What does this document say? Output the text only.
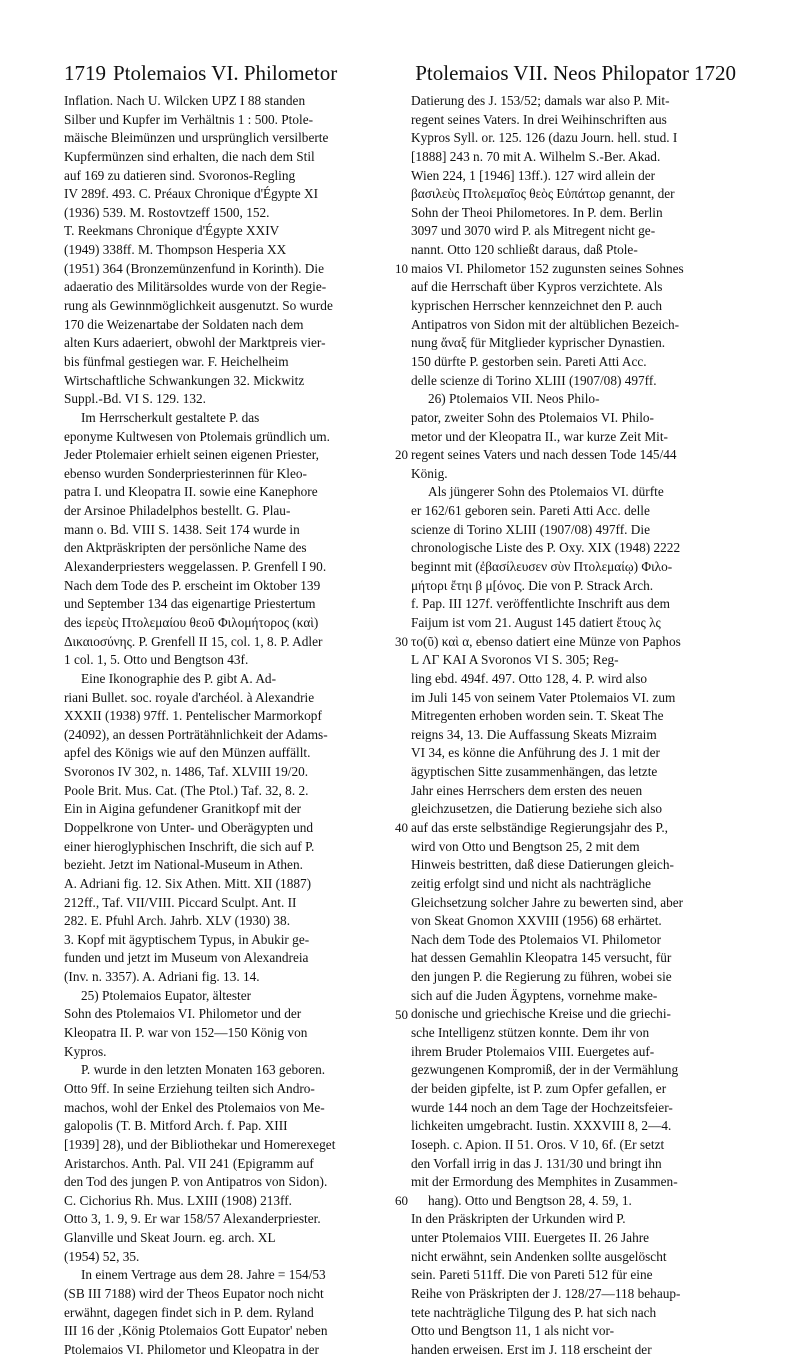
1719 Ptolemaios VI. Philometor	Ptolemaios VII. Neos Philopator 1720
Inflation. Nach U. Wilcken UPZ I 88 standen
Silber und Kupfer im Verhältnis 1 : 500. Ptole-
mäische Bleimünzen und ursprünglich versilberte
Kupfermünzen sind erhalten, die nach dem Stil
auf 169 zu datieren sind. Svoronos-Regling
IV 289f. 493. C. Préaux Chronique d'Égypte XI
(1936) 539. M. Rostovtzeff 1500, 152.
T. Reekmans Chronique d'Égypte XXIV
(1949) 338ff. M. Thompson Hesperia XX
(1951) 364 (Bronzemünzenfund in Korinth). Die
adaeratio des Militärsoldes wurde von der Regie-
rung als Gewinnmöglichkeit ausgenutzt. So wurde
170 die Weizenartabe der Soldaten nach dem
alten Kurs adaeriert, obwohl der Marktpreis vier-
bis fünfmal gestiegen war. F. Heichelheim
Wirtschaftliche Schwankungen 32. Mickwitz
Suppl.-Bd. VI S. 129. 132.
Im Herrscherkult gestaltete P. das
eponyme Kultwesen von Ptolemais gründlich um.
Jeder Ptolemaier erhielt seinen eigenen Priester,
ebenso wurden Sonderpriesterinnen für Kleo-
patra I. und Kleopatra II. sowie eine Kanephore
der Arsinoe Philadelphos bestellt. G. Plau-
mann o. Bd. VIII S. 1438. Seit 174 wurde in
den Aktpräskripten der persönliche Name des
Alexanderpriesters weggelassen. P. Grenfell I 90.
Nach dem Tode des P. erscheint im Oktober 139
und September 134 das eigenartige Priestertum
des ἱερεὺς Πτολεμαίου θεοῦ Φιλομήτορος (καὶ)
Δικαιοσύνης. P. Grenfell II 15, col. 1, 8. P. Adler
1 col. 1, 5. Otto und Bengtson 43f.
Eine Ikonographie des P. gibt A. Ad-
riani Bullet. soc. royale d'archéol. à Alexandrie
XXXII (1938) 97ff. 1. Pentelischer Marmorkopf
(24092), an dessen Porträtähnlichkeit der Adams-
apfel des Königs wie auf den Münzen auffällt.
Svoronos IV 302, n. 1486, Taf. XLVIII 19/20.
Poole Brit. Mus. Cat. (The Ptol.) Taf. 32, 8. 2.
Ein in Aigina gefundener Granitkopf mit der
Doppelkrone von Unter- und Oberägypten und
einer hieroglyphischen Inschrift, die sich auf P.
bezieht. Jetzt im National-Museum in Athen.
A. Adriani fig. 12. Six Athen. Mitt. XII (1887)
212ff., Taf. VII/VIII. Piccard Sculpt. Ant. II
282. E. Pfuhl Arch. Jahrb. XLV (1930) 38.
3. Kopf mit ägyptischem Typus, in Abukir ge-
funden und jetzt im Museum von Alexandreia
(Inv. n. 3357). A. Adriani fig. 13. 14.
25) Ptolemaios Eupator, ältester
Sohn des Ptolemaios VI. Philometor und der
Kleopatra II. P. war von 152—150 König von
Kypros.
P. wurde in den letzten Monaten 163 geboren.
Otto 9ff. In seine Erziehung teilten sich Andro-
machos, wohl der Enkel des Ptolemaios von Me-
galopolis (T. B. Mitford Arch. f. Pap. XIII
[1939] 28), und der Bibliothekar und Homerexeget
Aristarchos. Anth. Pal. VII 241 (Epigramm auf
den Tod des jungen P. von Antipatros von Sidon).
C. Cichorius Rh. Mus. LXIII (1908) 213ff.
Otto 3, 1. 9, 9. Er war 158/57 Alexanderpriester.
Glanville und Skeat Journ. eg. arch. XL
(1954) 52, 35.
In einem Vertrage aus dem 28. Jahre = 154/53
(SB III 7188) wird der Theos Eupator noch nicht
erwähnt, dagegen findet sich in P. dem. Ryland
III 16 der ‚König Ptolemaios Gott Eupator' neben
Ptolemaios VI. Philometor und Kleopatra in der
Datierung des J. 153/52; damals war also P. Mit-
regent seines Vaters. In drei Weihinschriften aus
Kypros Syll. or. 125. 126 (dazu Journ. hell. stud. I
[1888] 243 n. 70 mit A. Wilhelm S.-Ber. Akad.
Wien 224, 1 [1946] 13ff.). 127 wird allein der
βασιλεὺς Πτολεμαῖος θεὸς Εὐπάτωρ genannt, der
Sohn der Theoi Philometores. In P. dem. Berlin
3097 und 3070 wird P. als Mitregent nicht ge-
nannt. Otto 120 schließt daraus, daß Ptole-
maios VI. Philometor 152 zugunsten seines Sohnes
auf die Herrschaft über Kypros verzichtete. Als
kyprischen Herrscher kennzeichnet den P. auch
Antipatros von Sidon mit der altüblichen Bezeich-
nung ἄναξ für Mitglieder kyprischer Dynastien.
150 dürfte P. gestorben sein. Pareti Atti Acc.
delle scienze di Torino XLIII (1907/08) 497ff.
26) Ptolemaios VII. Neos Philo-
pator, zweiter Sohn des Ptolemaios VI. Philo-
metor und der Kleopatra II., war kurze Zeit Mit-
regent seines Vaters und nach dessen Tode 145/44
König.
Als jüngerer Sohn des Ptolemaios VI. dürfte
er 162/61 geboren sein. Pareti Atti Acc. delle
scienze di Torino XLIII (1907/08) 497ff. Die
chronologische Liste des P. Oxy. XIX (1948) 2222
beginnt mit (ἐβασίλευσεν σὺν Πτολεμαίῳ) Φιλο-
μήτορι ἔτηι β μ[όνος. Die von P. Strack Arch.
f. Pap. III 127f. veröffentlichte Inschrift aus dem
Faijum ist vom 21. August 145 datiert ἔτους λς
το(ῦ) καὶ α, ebenso datiert eine Münze von Paphos
L ΛΓ ΚΑΙ Α Svoronos VI S. 305; Reg-
ling ebd. 494f. 497. Otto 128, 4. P. wird also
im Juli 145 von seinem Vater Ptolemaios VI. zum
Mitregenten erhoben worden sein. T. Skeat The
reigns 34, 13. Die Auffassung Skeats Mizraim
VI 34, es könne die Anführung des J. 1 mit der
ägyptischen Sitte zusammenhängen, das letzte
Jahr eines Herrschers dem ersten des neuen
gleichzusetzen, die Datierung beziehe sich also
auf das erste selbständige Regierungsjahr des P.,
wird von Otto und Bengtson 25, 2 mit dem
Hinweis bestritten, daß diese Datierungen gleich-
zeitig erfolgt sind und nicht als nachträgliche
Gleichsetzung solcher Jahre zu bewerten sind, aber
von Skeat Gnomon XXVIII (1956) 68 erhärtet.
Nach dem Tode des Ptolemaios VI. Philometor
hat dessen Gemahlin Kleopatra 145 versucht, für
den jungen P. die Regierung zu führen, wobei sie
sich auf die Juden Ägyptens, vornehme make-
donische und griechische Kreise und die griechi-
sche Intelligenz stützen konnte. Dem ihr von
ihrem Bruder Ptolemaios VIII. Euergetes auf-
gezwungenen Kompromiß, der in der Vermählung
der beiden gipfelte, ist P. zum Opfer gefallen, er
wurde 144 noch an dem Tage der Hochzeitsfeier-
lichkeiten umgebracht. Iustin. XXXVIII 8, 2—4.
Ioseph. c. Apion. II 51. Oros. V 10, 6f. (Er setzt
den Vorfall irrig in das J. 131/30 und bringt ihn
mit der Ermordung des Memphites in Zusammen-
hang). Otto und Bengtson 28, 4. 59, 1.
In den Präskripten der Urkunden wird P.
unter Ptolemaios VIII. Euergetes II. 26 Jahre
nicht erwähnt, sein Andenken sollte ausgelöscht
sein. Pareti 511ff. Die von Pareti 512 für eine
Reihe von Präskripten der J. 128/27—118 behaup-
tete nachträgliche Tilgung des P. hat sich nach
Otto und Bengtson 11, 1 als nicht vor-
handen erweisen. Erst im J. 118 erscheint der
10
20
30
40
50
60
